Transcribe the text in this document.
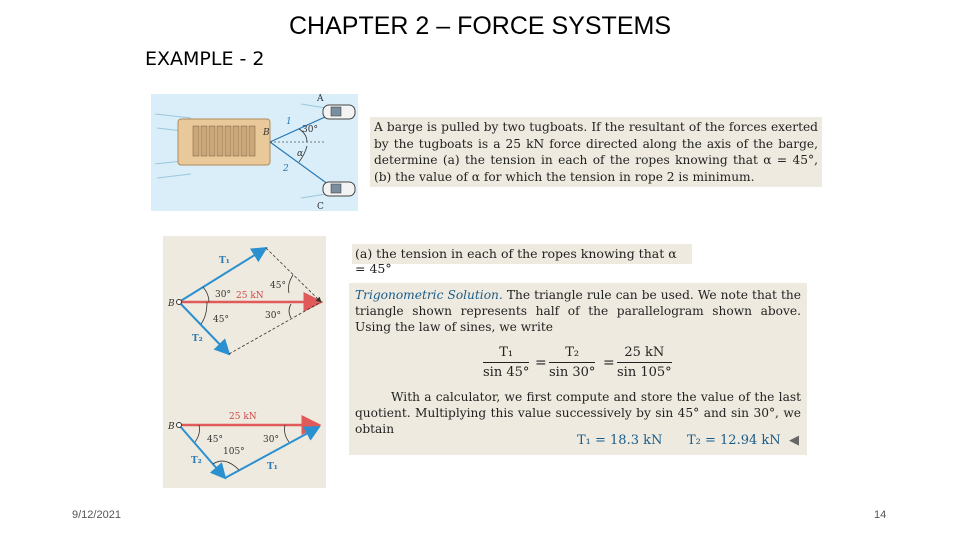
CHAPTER 2 – FORCE SYSTEMS
EXAMPLE - 2
A
B
C
1
2
30°
α
A barge is pulled by two tugboats. If the resultant of the forces exerted by the tugboats is a 25 kN force directed along the axis of the barge, determine (a) the tension in each of the ropes knowing that α = 45°, (b) the value of α for which the tension in rope 2 is minimum.
T₁
T₂
B
25 kN
30°
45°
45°
30°
25 kN
B
45°	30°
105°
T₂
T₁
(a) the tension in each of the ropes knowing that α = 45°
Trigonometric Solution. The triangle rule can be used. We note that the triangle shown represents half of the parallelogram shown above. Using the law of sines, we write
$\frac{\text{T₁}}{\sin 45^\circ} = \frac{\text{T₂}}{\sin 30^\circ} = \frac{25 kN}{\sin 105^\circ}$
With a calculator, we first compute and store the value of the last quotient. Multiplying this value successively by sin 45° and sin 30°, we obtain
T₁ = 18.3 kN T₂ = 12.94 kN ◀
9/12/2021	14
